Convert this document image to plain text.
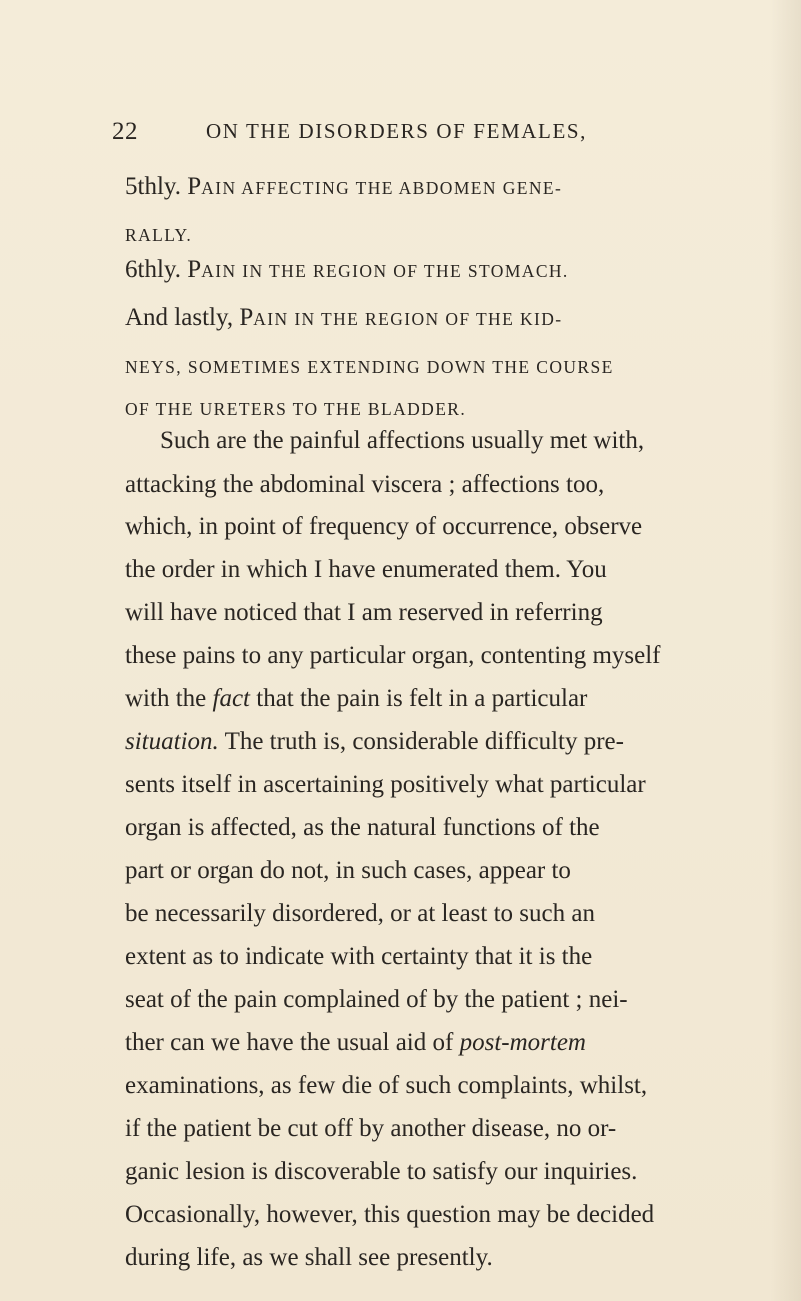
22	ON THE DISORDERS OF FEMALES,
5thly. PAIN AFFECTING THE ABDOMEN GENE-
RALLY.
6thly. PAIN IN THE REGION OF THE STOMACH.
And lastly, PAIN IN THE REGION OF THE KID-
NEYS, SOMETIMES EXTENDING DOWN THE COURSE
OF THE URETERS TO THE BLADDER.
Such are the painful affections usually met with,
attacking the abdominal viscera ; affections too,
which, in point of frequency of occurrence, observe
the order in which I have enumerated them. You
will have noticed that I am reserved in referring
these pains to any particular organ, contenting myself
with the fact that the pain is felt in a particular
situation. The truth is, considerable difficulty pre-
sents itself in ascertaining positively what particular
organ is affected, as the natural functions of the
part or organ do not, in such cases, appear to
be necessarily disordered, or at least to such an
extent as to indicate with certainty that it is the
seat of the pain complained of by the patient ; nei-
ther can we have the usual aid of post-mortem
examinations, as few die of such complaints, whilst,
if the patient be cut off by another disease, no or-
ganic lesion is discoverable to satisfy our inquiries.
Occasionally, however, this question may be decided
during life, as we shall see presently.
